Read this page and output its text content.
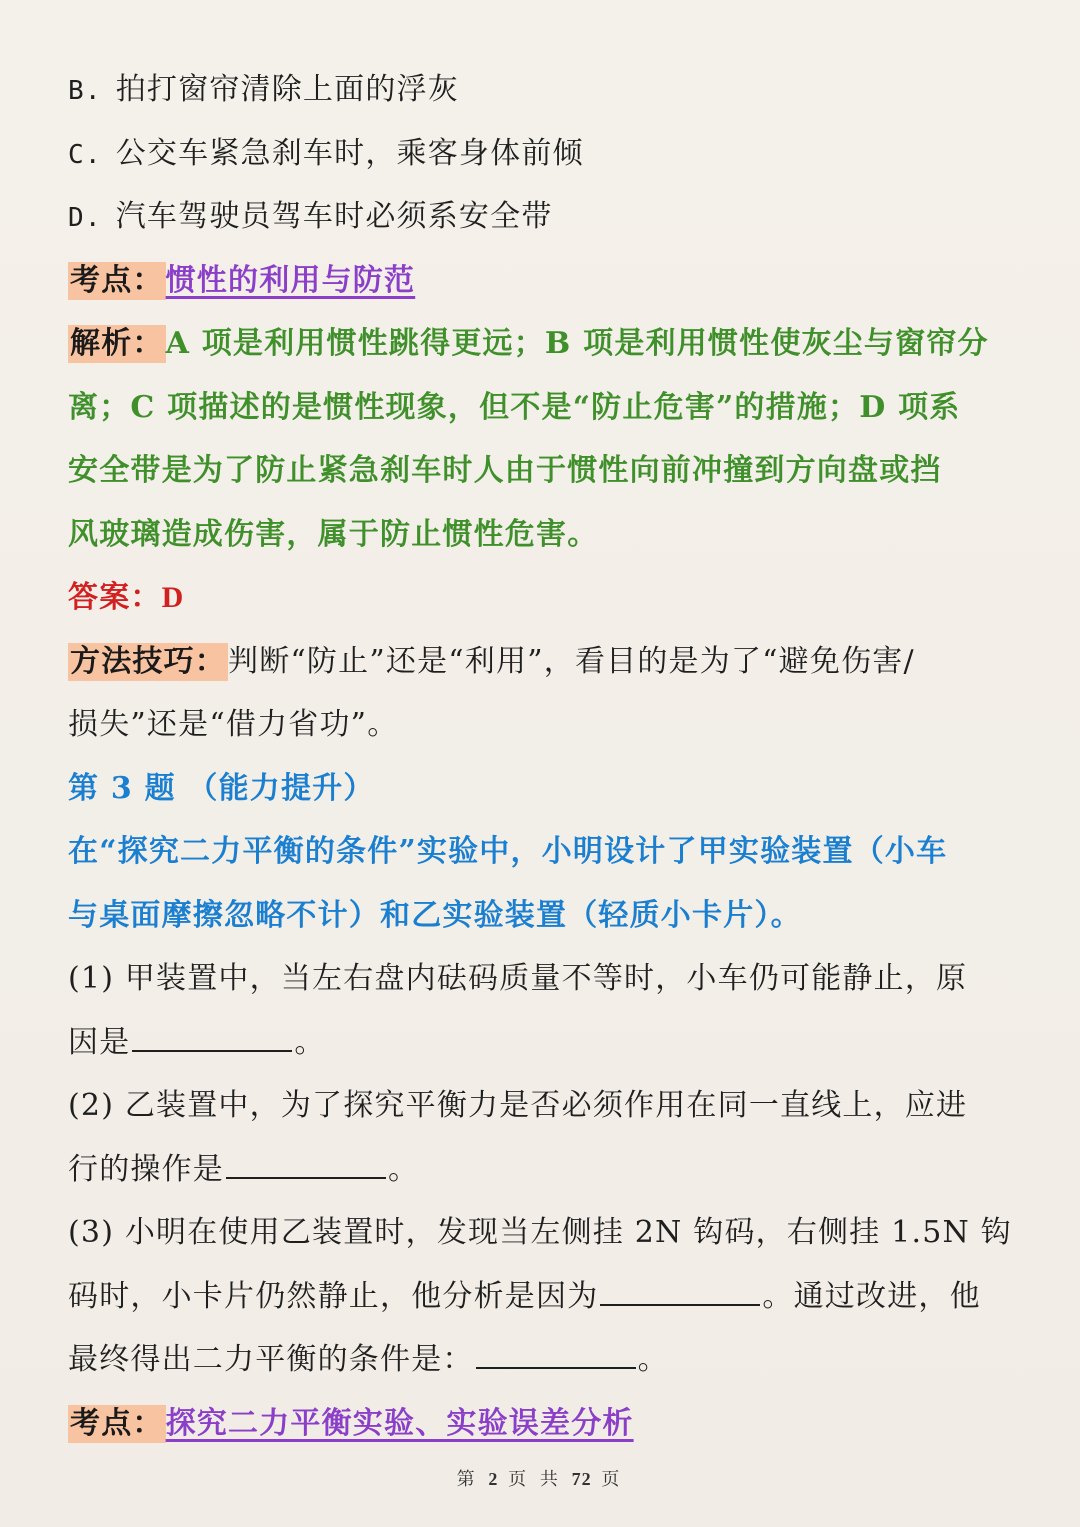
B. 拍打窗帘清除上面的浮灰
C. 公交车紧急刹车时，乘客身体前倾
D. 汽车驾驶员驾车时必须系安全带
考点：惯性的利用与防范
解析：A 项是利用惯性跳得更远；B 项是利用惯性使灰尘与窗帘分
离；C 项描述的是惯性现象，但不是“防止危害”的措施；D 项系
安全带是为了防止紧急刹车时人由于惯性向前冲撞到方向盘或挡
风玻璃造成伤害，属于防止惯性危害。
答案：D
方法技巧：判断“防止”还是“利用”，看目的是为了“避免伤害/
损失”还是“借力省功”。
第 3 题 （能力提升）
在“探究二力平衡的条件”实验中，小明设计了甲实验装置（小车
与桌面摩擦忽略不计）和乙实验装置（轻质小卡片）。
(1) 甲装置中，当左右盘内砝码质量不等时，小车仍可能静止，原
因是	。
(2) 乙装置中，为了探究平衡力是否必须作用在同一直线上，应进
行的操作是	。
(3) 小明在使用乙装置时，发现当左侧挂 2N 钩码，右侧挂 1.5N 钩
码时，小卡片仍然静止，他分析是因为	。通过改进，他
最终得出二力平衡的条件是：	。
考点：探究二力平衡实验、实验误差分析
第 2 页 共 72 页
